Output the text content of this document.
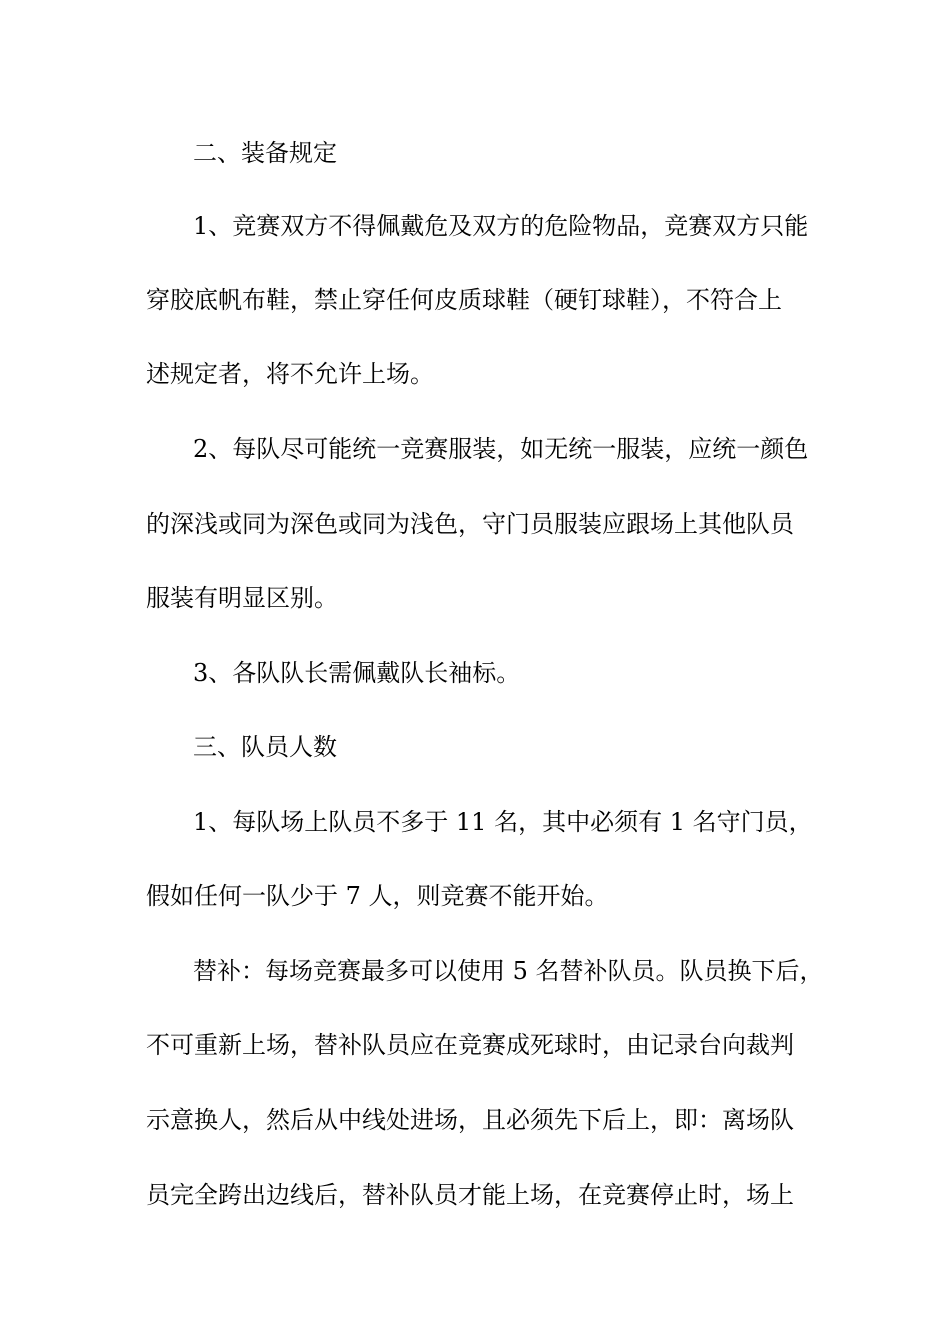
二、装备规定
1、竞赛双方不得佩戴危及双方的危险物品，竞赛双方只能
穿胶底帆布鞋，禁止穿任何皮质球鞋（硬钉球鞋），不符合上
述规定者，将不允许上场。
2、每队尽可能统一竞赛服装，如无统一服装，应统一颜色
的深浅或同为深色或同为浅色，守门员服装应跟场上其他队员
服装有明显区别。
3、各队队长需佩戴队长袖标。
三、队员人数
1、每队场上队员不多于 11 名，其中必须有 1 名守门员，
假如任何一队少于 7 人，则竞赛不能开始。
替补：每场竞赛最多可以使用 5 名替补队员。队员换下后，
不可重新上场，替补队员应在竞赛成死球时，由记录台向裁判
示意换人，然后从中线处进场，且必须先下后上，即：离场队
员完全跨出边线后，替补队员才能上场，在竞赛停止时，场上
